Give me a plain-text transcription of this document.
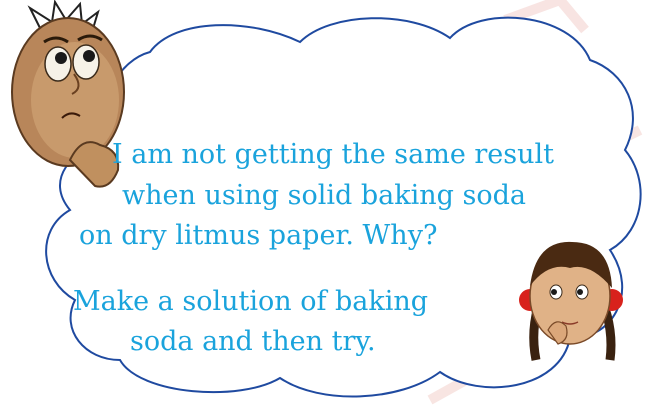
I am not getting the same result
when using solid baking soda
on dry litmus paper. Why?
Make a solution of baking
soda and then try.
